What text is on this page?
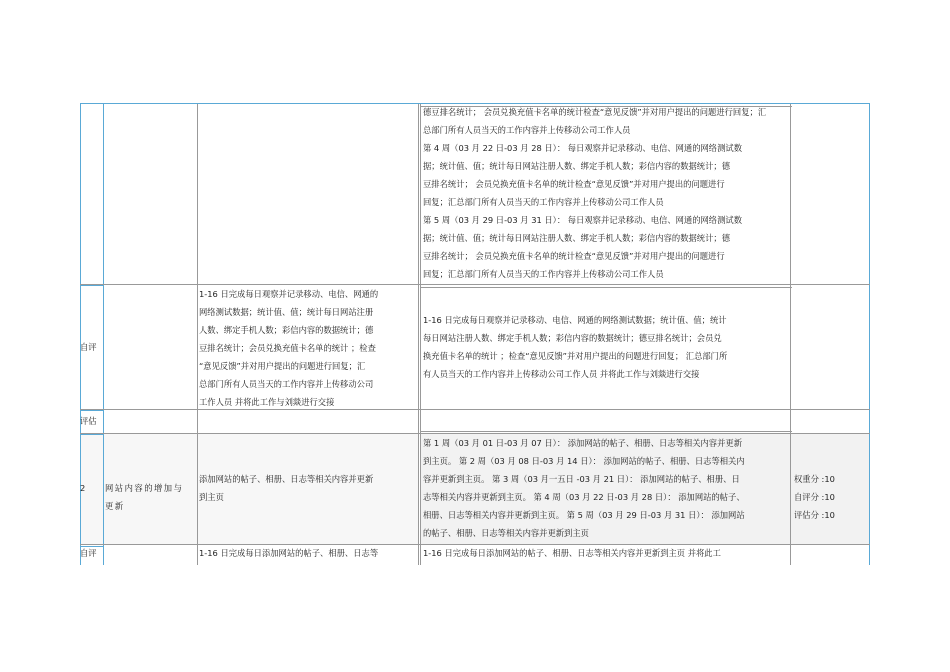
德豆排名统计； 会员兑换充值卡名单的统计检查“意见反馈”并对用户提出的问题进行回复；汇总部门所有人员当天的工作内容并上传移动公司工作人员
第 4 周（03 月 22 日-03 月 28 日）： 每日观察并记录移动、电信、网通的网络测试数
据；统计值、值；统计每日网站注册人数、绑定手机人数；彩信内容的数据统计；德
豆排名统计； 会员兑换充值卡名单的统计检查“意见反馈”并对用户提出的问题进行
回复；汇总部门所有人员当天的工作内容并上传移动公司工作人员
第 5 周（03 月 29 日-03 月 31 日）： 每日观察并记录移动、电信、网通的网络测试数
据；统计值、值；统计每日网站注册人数、绑定手机人数；彩信内容的数据统计；德
豆排名统计； 会员兑换充值卡名单的统计检查“意见反馈”并对用户提出的问题进行
回复；汇总部门所有人员当天的工作内容并上传移动公司工作人员
自评
1-16 日完成每日观察并记录移动、电信、网通的
网络测试数据；统计值、值；统计每日网站注册
人数、绑定手机人数；彩信内容的数据统计；德
豆排名统计；会员兑换充值卡名单的统计 ；检查
“意见反馈”并对用户提出的问题进行回复；汇
总部门所有人员当天的工作内容并上传移动公司
工作人员 并将此工作与刘燚进行交接
1-16 日完成每日观察并记录移动、电信、网通的网络测试数据；统计值、值；统计
每日网站注册人数、绑定手机人数；彩信内容的数据统计；德豆排名统计；会员兑
换充值卡名单的统计 ；检查“意见反馈”并对用户提出的问题进行回复； 汇总部门所
有人员当天的工作内容并上传移动公司工作人员 并将此工作与刘燚进行交接
评估
2 网站内容的增加与
更新
添加网站的帖子、相册、日志等相关内容并更新
到主页
第 1 周（03 月 01 日-03 月 07 日）： 添加网站的帖子、相册、日志等相关内容并更新
到主页。 第 2 周（03 月 08 日-03 月 14 日）： 添加网站的帖子、相册、日志等相关内
容并更新到主页。 第 3 周（03 月一五日 -03 月 21 日）： 添加网站的帖子、相册、日
志等相关内容并更新到主页。 第 4 周（03 月 22 日-03 月 28 日）： 添加网站的帖子、
相册、日志等相关内容并更新到主页。 第 5 周（03 月 29 日-03 月 31 日）： 添加网站
的帖子、相册、日志等相关内容并更新到主页
权重分 :10
自评分 :10
评估分 :10
自评	1-16 日完成每日添加网站的帖子、相册、日志等	1-16 日完成每日添加网站的帖子、相册、日志等相关内容并更新到主页 并将此工
